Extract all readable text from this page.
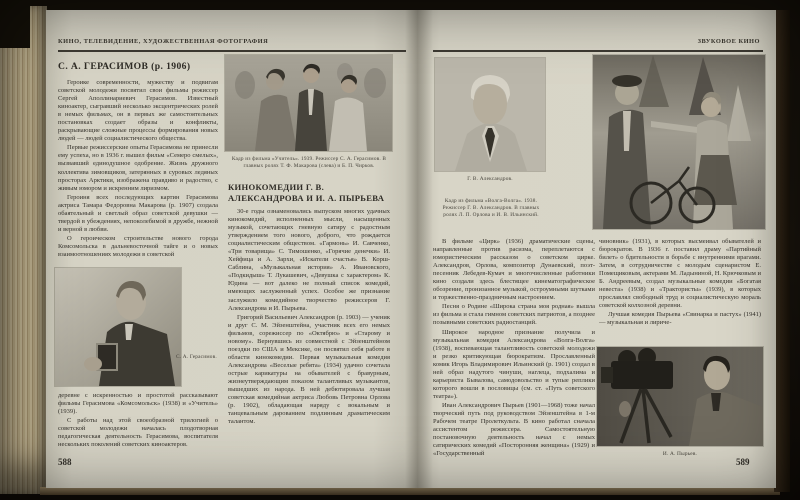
КИНО, ТЕЛЕВИДЕНИЕ, ХУДОЖЕСТВЕННАЯ ФОТОГРАФИЯ
С. А. ГЕРАСИМОВ (р. 1906)

Героике современности, мужеству и подвигам советской молодежи посвятил свои фильмы режиссер Сергей Аполлинариевич Герасимов. Известный киноактер, сыгравший несколько эксцентрических ролей в немых фильмах, он в первых же самостоятельных постановках создает образы и конфликты, раскрывающие сложные процессы формирования новых людей — людей социалистического общества.

Первые режиссерские опыты Герасимова не принесли ему успеха, но в 1936 г. вышел фильм «Семеро смелых», вызвавший единодушное одобрение. Жизнь дружного коллектива зимовщиков, затерянных в суровых ледяных просторах Арктики, изображена правдиво и радостно, с живым юмором и искренним лиризмом.

Героиня всех последующих картин Герасимова актриса Тамара Федоровна Макарова (р. 1907) создала обаятельный и светлый образ советской девушки — твердой в убеждениях, непоколебимой в дружбе, нежной и верной в любви.

О героическом строительстве нового города Комсомольска в дальневосточной тайге и о новых взаимоотношениях молодежи в советской

С. А. Герасимов.

деревне с искренностью и простотой рассказывают фильмы Герасимова «Комсомольск» (1938) и «Учитель» (1939).

С работы над этой своеобразной трилогией о советской молодежи началась плодотворная педагогическая деятельность Герасимова, воспитателя нескольких поколений советских киноактеров.

588
Кадр из фильма «Учитель». 1939. Режиссер С. А. Герасимов. В главных ролях Т. Ф. Макарова (слева) и Б. П. Чирков.
КИНОКОМЕДИИ Г. В. АЛЕКСАНДРОВА И И. А. ПЫРЬЕВА

30-е годы ознаменовались выпуском многих удачных кинокомедий, исполненных мысли, насыщенных музыкой, сочетающих гневную сатиру с радостным утверждением того нового, доброго, что рождается социалистическим обществом. «Гармонь» И. Савченко, «Три товарища» С. Тимошенко, «Горячие денечки» И. Хейфица и А. Зархи, «Искатели счастья» В. Корш-Саблина, «Музыкальная история» А. Ивановского, «Подкидыш» Т. Лукашевич, «Девушка с характером» К. Юдина — вот далеко не полный список комедий, имеющих заслуженный успех. Особое же признание заслужило комедийное творчество режиссеров Г. Александрова и И. Пырьева.

Григорий Васильевич Александров (р. 1903) — ученик и друг С. М. Эйзенштейна, участник всех его немых фильмов, сорежиссер по «Октябрю» и «Старому и новому». Вернувшись из совместной с Эйзенштейном поездки по США и Мексике, он посвятил себя работе в области кинокомедии. Первая музыкальная комедия Александрова «Веселые ребята» (1934) удачно сочетала острые карикатуры на обывателей с бравурным, жизнеутверждающим показом талантливых музыкантов, вышедших из народа. В ней дебютировала лучшая советская комедийная актриса Любовь Петровна Орлова (р. 1902), обладающая наряду с вокальным и танцевальным дарованием подлинным драматическим талантом.

ЗВУКОВОЕ КИНО
Г. В. Александров.
Кадр из фильма «Волга-Волга». 1938. Режиссер Г. В. Александров. В главных ролях Л. П. Орлова и И. В. Ильинский.

В фильме «Цирк» (1936) драматические сцены, направленные против расизма, переплетаются с юмористическим рассказом о советском цирке. Александров, Орлова, композитор Дунаевский, поэт-песенник Лебедев-Кумач и многочисленные работники кино создали здесь блестящее кинематографическое обозрение, пронизанное музыкой, остроумными шутками и торжественно-праздничным настроением.

Песня о Родине «Широка страна моя родная» вышла из фильма и стала гимном советских патриотов, а позднее позывными советских радиостанций.

Широкое народное признание получила и музыкальная комедия Александрова «Волга-Волга» (1938), воспевающая талантливость советской молодежи и резко критикующая бюрократизм. Прославленный комик Игорь Владимирович Ильинский (р. 1901) создал в ней образ надутого чинуши, наглеца, подхалима и карьериста Бывалова, самодовольство и тупые реплики которого вошли в пословицы (см. ст. «Путь советского театра»).

Иван Александрович Пырьев (1901—1968) тоже начал творческий путь под руководством Эйзенштейна в 1-м Рабочем театре Пролеткульта. В кино работал сначала ассистентом режиссера. Самостоятельную постановочную деятельность начал с немых сатирических комедий «Посторонняя женщина» (1929) и «Государственный

чиновник» (1931), в которых высмеивал обывателей и бюрократов. В 1936 г. поставил драму «Партийный билет» о бдительности в борьбе с внутренними врагами. Затем, в сотрудничестве с молодым сценаристом Е. Помещиковым, актерами М. Ладыниной, Н. Крючковым и Б. Андреевым, создал музыкальные комедии «Богатая невеста» (1938) и «Трактористы» (1939), в которых прославлял свободный труд и социалистическую мораль советской колхозной деревни.

Лучшая комедия Пырьева «Свинарка и пастух» (1941) — музыкальная и лириче-

И. А. Пырьев.
589
